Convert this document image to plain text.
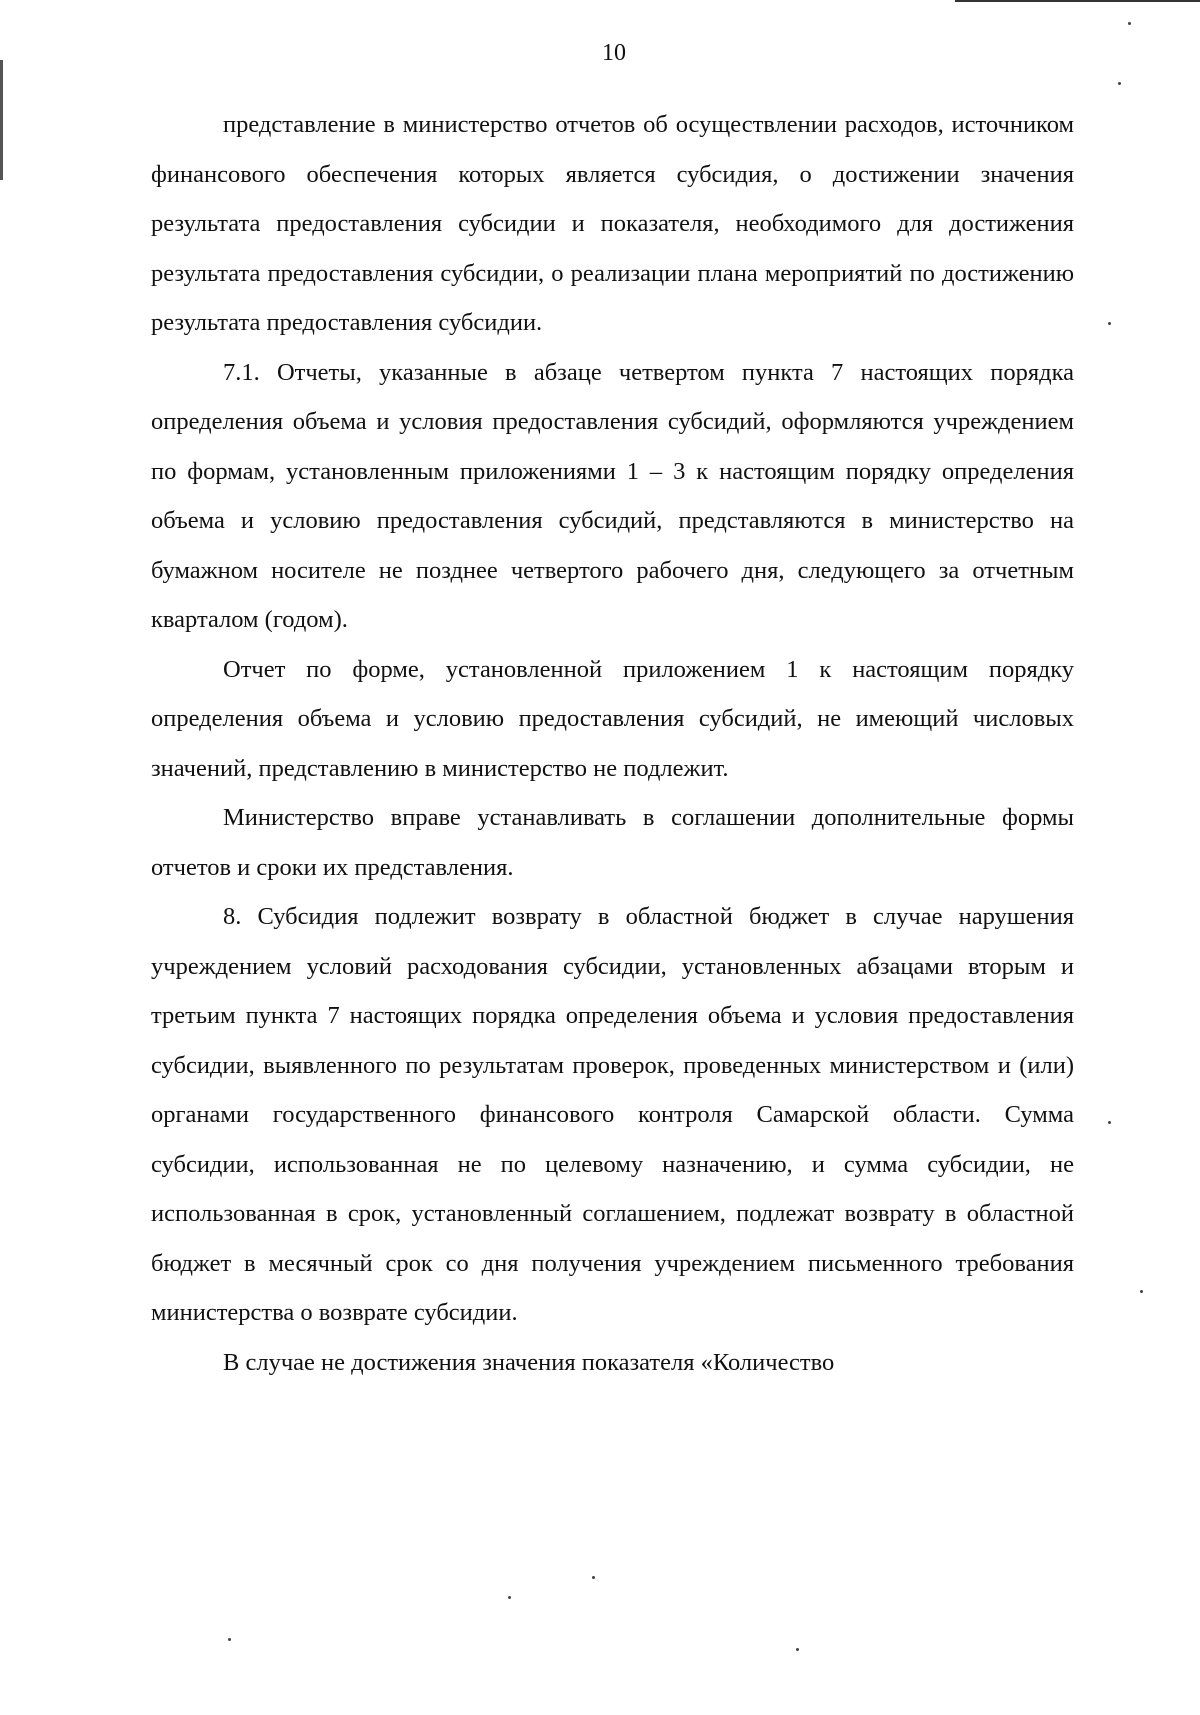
10

представление в министерство отчетов об осуществлении расходов, источником финансового обеспечения которых является субсидия, о достижении значения результата предоставления субсидии и показателя, необходимого для достижения результата предоставления субсидии, о реализации плана мероприятий по достижению результата предоставления субсидии.

7.1. Отчеты, указанные в абзаце четвертом пункта 7 настоящих порядка определения объема и условия предоставления субсидий, оформляются учреждением по формам, установленным приложениями 1 – 3 к настоящим порядку определения объема и условию предоставления субсидий, представляются в министерство на бумажном носителе не позднее четвертого рабочего дня, следующего за отчетным кварталом (годом).

Отчет по форме, установленной приложением 1 к настоящим порядку определения объема и условию предоставления субсидий, не имеющий числовых значений, представлению в министерство не подлежит.

Министерство вправе устанавливать в соглашении дополнительные формы отчетов и сроки их представления.

8. Субсидия подлежит возврату в областной бюджет в случае нарушения учреждением условий расходования субсидии, установленных абзацами вторым и третьим пункта 7 настоящих порядка определения объема и условия предоставления субсидии, выявленного по результатам проверок, проведенных министерством и (или) органами государственного финансового контроля Самарской области. Сумма субсидии, использованная не по целевому назначению, и сумма субсидии, не использованная в срок, установленный соглашением, подлежат возврату в областной бюджет в месячный срок со дня получения учреждением письменного требования министерства о возврате субсидии.

В случае не достижения значения показателя «Количество
